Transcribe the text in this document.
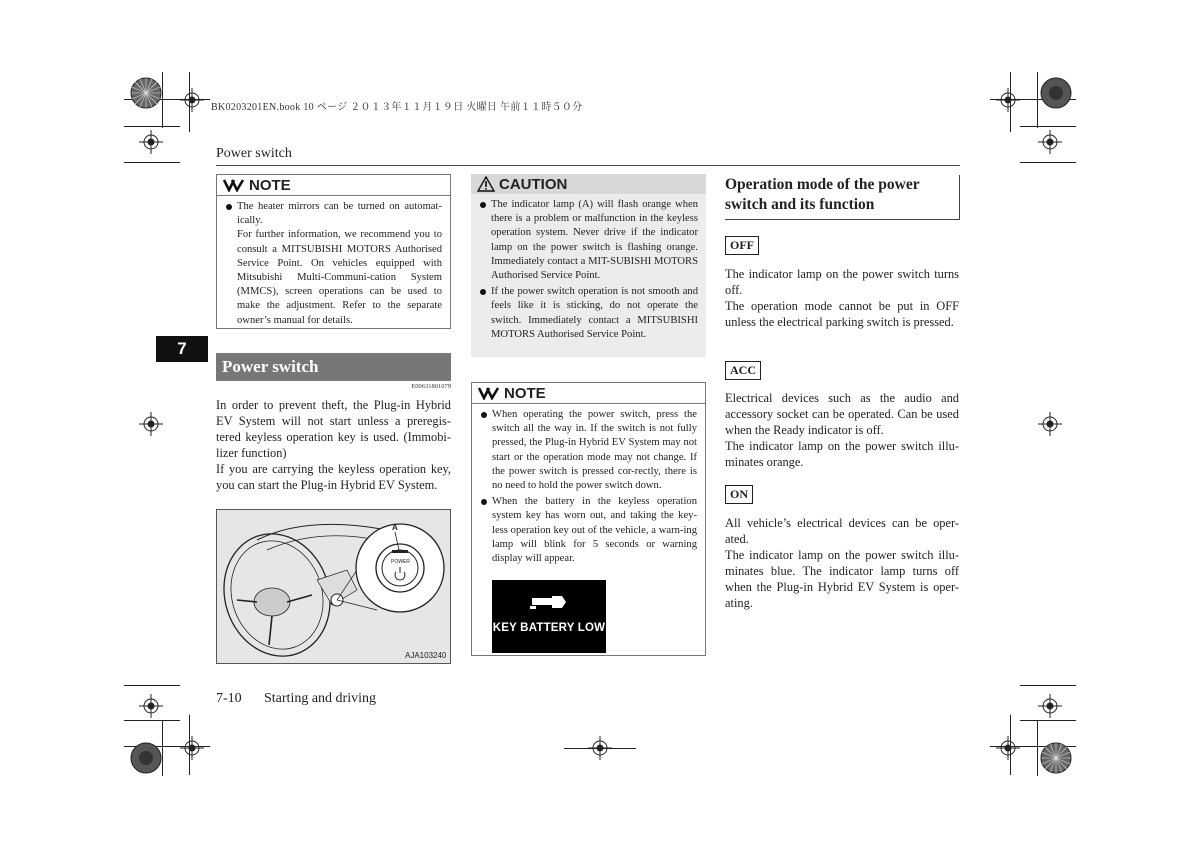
BK0203201EN.book 10 ページ ２０１３年１１月１９日 火曜日 午前１１時５０分
Power switch
7
NOTE

The heater mirrors can be turned on automat-ically.

For further information, we recommend you to consult a MITSUBISHI MOTORS Authorised Service Point. On vehicles equipped with Mitsubishi Multi-Communi-cation System (MMCS), screen operations can be used to make the adjustment. Refer to the separate owner’s manual for details.

Power switch
E00631801079

In order to prevent theft, the Plug-in Hybrid EV System will not start unless a preregis-tered keyless operation key is used. (Immobi-lizer function)

If you are carrying the keyless operation key, you can start the Plug-in Hybrid EV System.

A
POWER
AJA103240
CAUTION

The indicator lamp (A) will flash orange when there is a problem or malfunction in the keyless operation system. Never drive if the indicator lamp on the power switch is flashing orange. Immediately contact a MIT-SUBISHI MOTORS Authorised Service Point.

If the power switch operation is not smooth and feels like it is sticking, do not operate the switch. Immediately contact a MITSUBISHI MOTORS Authorised Service Point.

NOTE

When operating the power switch, press the switch all the way in. If the switch is not fully pressed, the Plug-in Hybrid EV System may not start or the operation mode may not change. If the power switch is pressed cor-rectly, there is no need to hold the power switch down.

When the battery in the keyless operation system key has worn out, and taking the key-less operation key out of the vehicle, a warn-ing lamp will blink for 5 seconds or warning display will appear.

KEY BATTERY LOW
Operation mode of the power switch and its function
OFF

The indicator lamp on the power switch turns off.

The operation mode cannot be put in OFF unless the electrical parking switch is pressed.

ACC

Electrical devices such as the audio and accessory socket can be operated. Can be used when the Ready indicator is off.

The indicator lamp on the power switch illu-minates orange.

ON

All vehicle’s electrical devices can be oper-ated.

The indicator lamp on the power switch illu-minates blue. The indicator lamp turns off when the Plug-in Hybrid EV System is oper-ating.

7-10 Starting and driving
